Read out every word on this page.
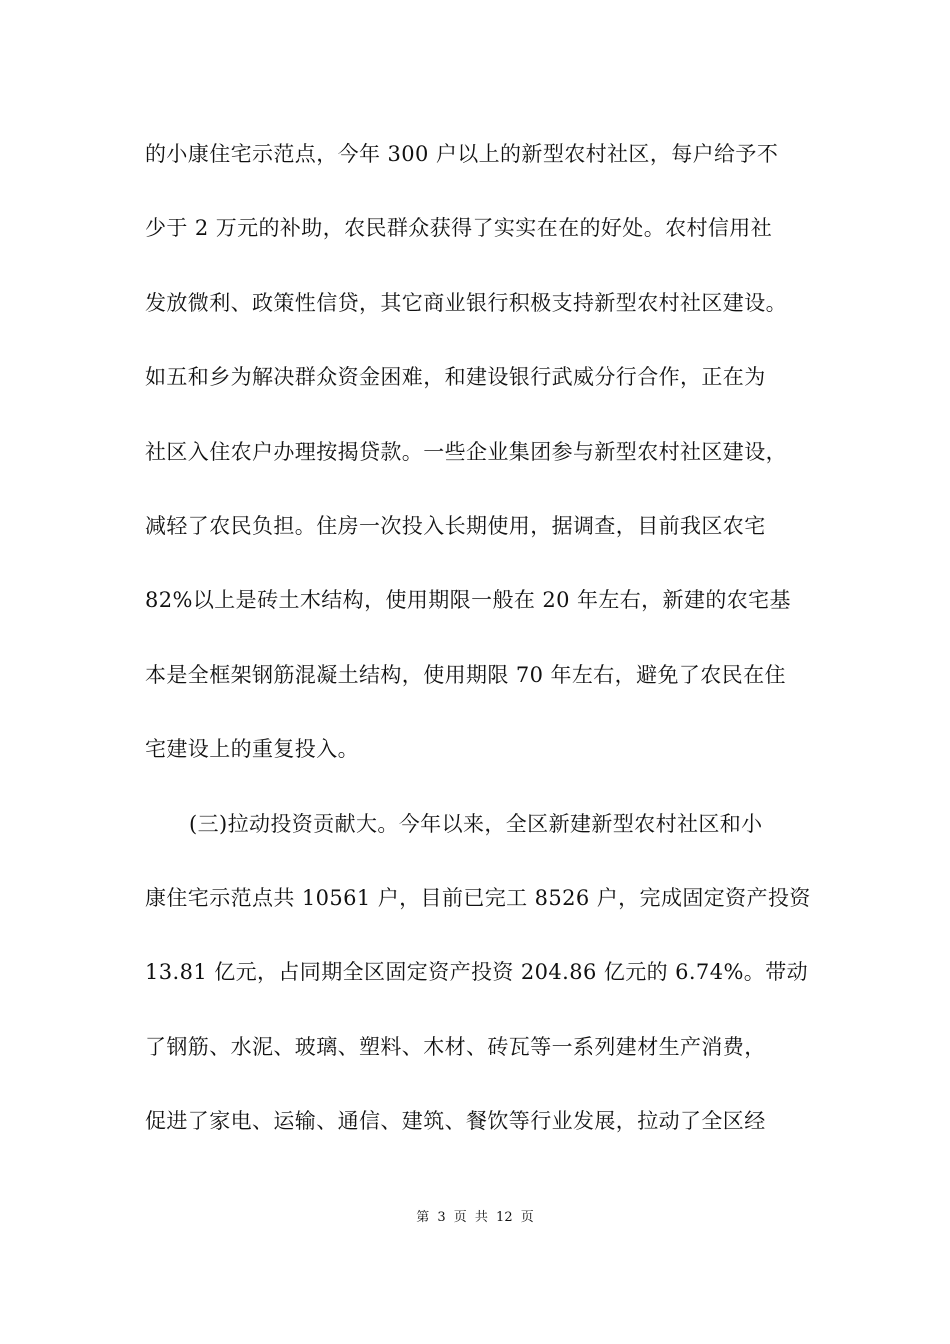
的小康住宅示范点，今年 300 户以上的新型农村社区，每户给予不
少于 2 万元的补助，农民群众获得了实实在在的好处。农村信用社
发放微利、政策性信贷，其它商业银行积极支持新型农村社区建设。
如五和乡为解决群众资金困难，和建设银行武威分行合作，正在为
社区入住农户办理按揭贷款。一些企业集团参与新型农村社区建设，
减轻了农民负担。住房一次投入长期使用，据调查，目前我区农宅
82%以上是砖土木结构，使用期限一般在 20 年左右，新建的农宅基
本是全框架钢筋混凝土结构，使用期限 70 年左右，避免了农民在住
宅建设上的重复投入。
(三)拉动投资贡献大。今年以来，全区新建新型农村社区和小
康住宅示范点共 10561 户，目前已完工 8526 户，完成固定资产投资
13.81 亿元，占同期全区固定资产投资 204.86 亿元的 6.74%。带动
了钢筋、水泥、玻璃、塑料、木材、砖瓦等一系列建材生产消费，
促进了家电、运输、通信、建筑、餐饮等行业发展，拉动了全区经
第 3 页 共 12 页
